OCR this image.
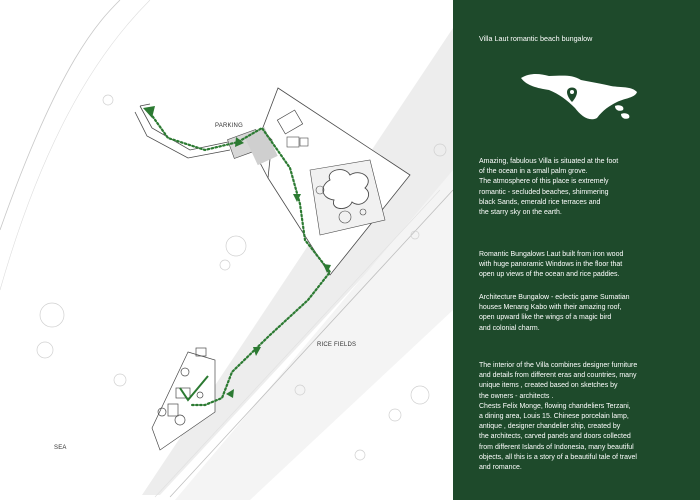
PARKING
RICE FIELDS
SEA
Villa Laut romantic beach bungalow

Amazing, fabulous Villa is situated at the foot
of the ocean in a small palm grove.
The atmosphere of this place is extremely
romantic - secluded beaches, shimmering
black Sands, emerald rice terraces and
the starry sky on the earth.

Romantic Bungalows Laut built from iron wood
with huge panoramic Windows in the floor that
open up views of the ocean and rice paddies.

Architecture Bungalow - eclectic game Sumatian
houses Menang Kabo with their amazing roof,
open upward like the wings of a magic bird
and colonial charm.

The interior of the Villa combines designer furniture
and details from different eras and countries, many
unique items , created based on sketches by
the owners - architects .
Chests Felix Monge, flowing chandeliers Terzani,
a dining area, Louis 15. Chinese porcelain lamp,
antique , designer chandelier ship, created by
the architects, carved panels and doors collected
from different Islands of Indonesia, many beautiful
objects, all this is a story of a beautiful tale of travel
and romance.
